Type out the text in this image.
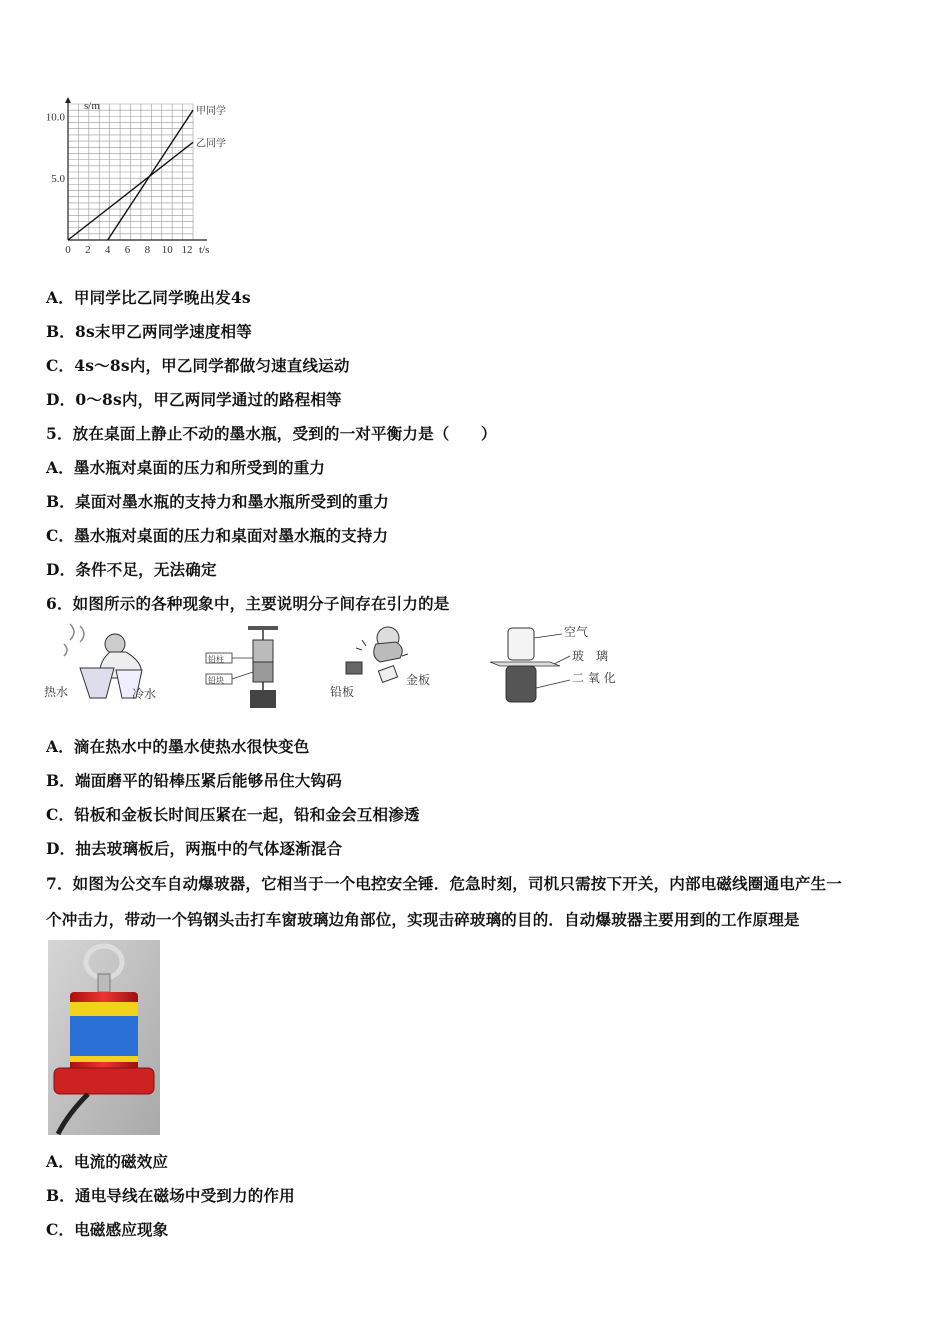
s/m
t/s
0 2 4 6 8 10 12
5.0
10.0	甲同学
乙同学
A．甲同学比乙同学晚出发4s
B．8s末甲乙两同学速度相等
C．4s～8s内，甲乙同学都做匀速直线运动
D．0～8s内，甲乙两同学通过的路程相等
5．放在桌面上静止不动的墨水瓶，受到的一对平衡力是（　　）
A．墨水瓶对桌面的压力和所受到的重力
B．桌面对墨水瓶的支持力和墨水瓶所受到的重力
C．墨水瓶对桌面的压力和桌面对墨水瓶的支持力
D．条件不足，无法确定
6．如图所示的各种现象中，主要说明分子间存在引力的是
热水	冷水
铅柱
铅块
铅板
金板
空气
玻　璃
二 氧 化
A．滴在热水中的墨水使热水很快变色
B．端面磨平的铅棒压紧后能够吊住大钩码
C．铅板和金板长时间压紧在一起，铅和金会互相渗透
D．抽去玻璃板后，两瓶中的气体逐渐混合
7．如图为公交车自动爆玻器，它相当于一个电控安全锤．危急时刻，司机只需按下开关，内部电磁线圈通电产生一
个冲击力，带动一个钨钢头击打车窗玻璃边角部位，实现击碎玻璃的目的．自动爆玻器主要用到的工作原理是
A．电流的磁效应
B．通电导线在磁场中受到力的作用
C．电磁感应现象
